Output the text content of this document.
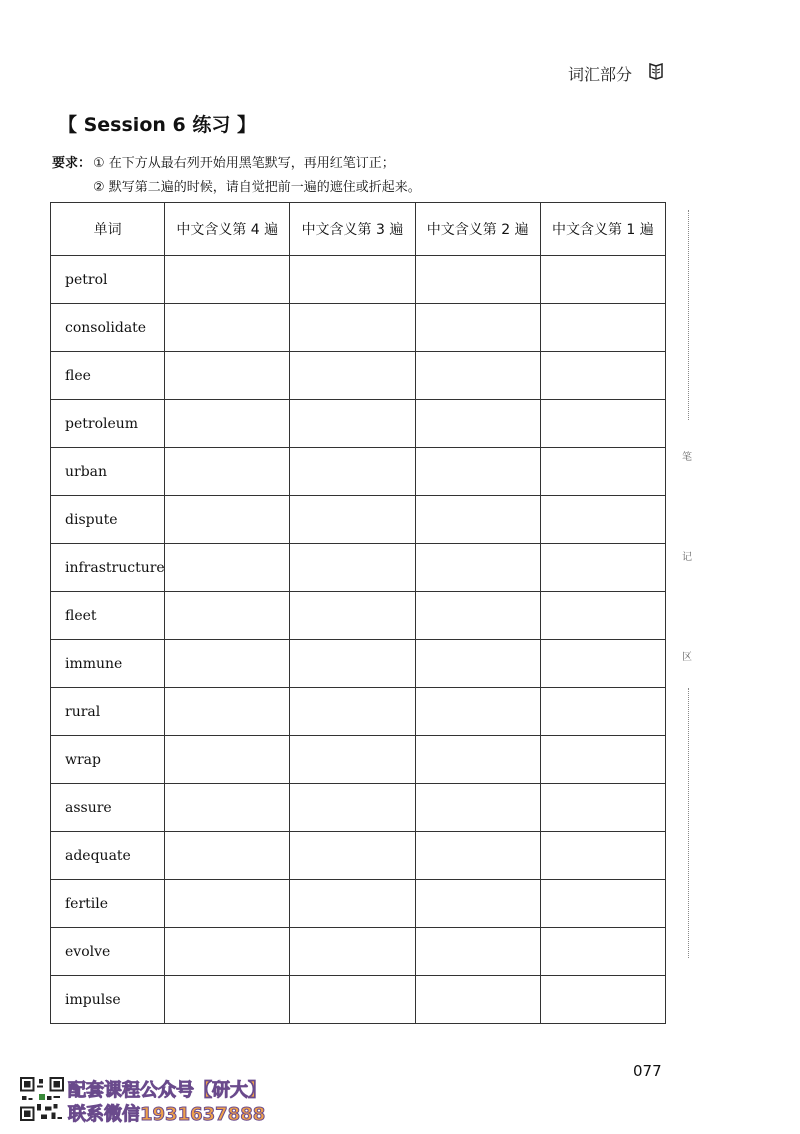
词汇部分
【 Session 6 练习 】
要求： ① 在下方从最右列开始用黑笔默写，再用红笔订正；
② 默写第二遍的时候，请自觉把前一遍的遮住或折起来。
单词	中文含义第 4 遍	中文含义第 3 遍	中文含义第 2 遍	中文含义第 1 遍
petrol				
consolidate				
flee				
petroleum				
urban				
dispute				
infrastructure				
fleet				
immune				
rural				
wrap				
assure				
adequate				
fertile				
evolve				
impulse				
笔
记
区
077
配套课程公众号【研大】
联系微信1931637888
